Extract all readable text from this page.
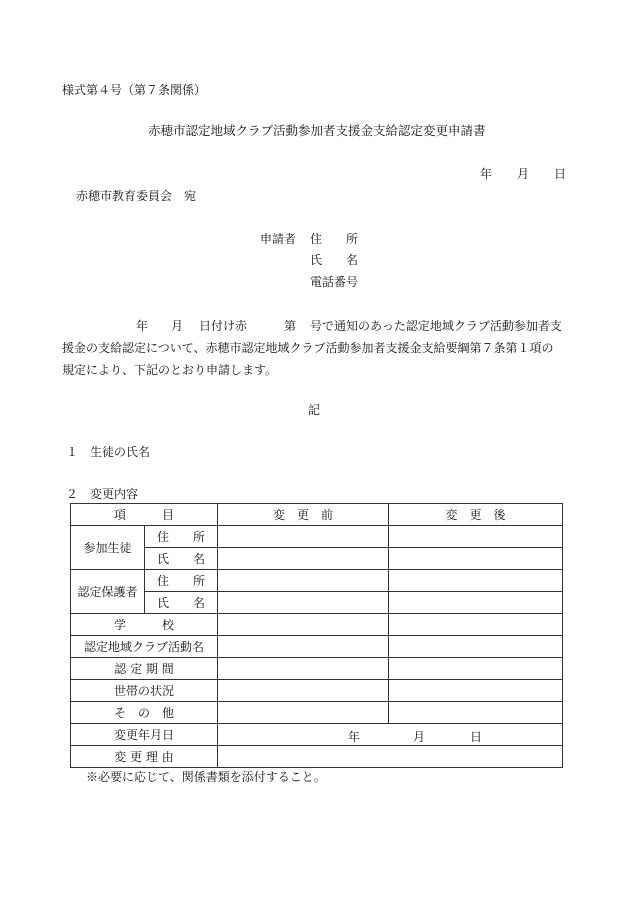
様式第４号（第７条関係）
赤穂市認定地域クラブ活動参加者支援金支給認定変更申請書
年 月 日
赤穂市教育委員会　宛
申請者 住　　所
氏　　名
電話番号

年 月 日付け赤	第 号で通知のあった認定地域クラブ活動参加者支

援金の支給認定について、赤穂市認定地域クラブ活動参加者支援金支給要綱第７条第１項の

規定により、下記のとおり申請します。

記
１　生徒の氏名
２　変更内容
項　　　目		変　更　前	変　更　後
参加生徒	住　　所		
	氏　　名		
認定保護者	住　　所		
	氏　　名		
学　　　校			
認定地域クラブ活動名			
認 定 期 間			
世帯の状況			
そ　の　他			
変更年月日		年 月 日	

変 更 理 由			
※必要に応じて、関係書類を添付すること。
